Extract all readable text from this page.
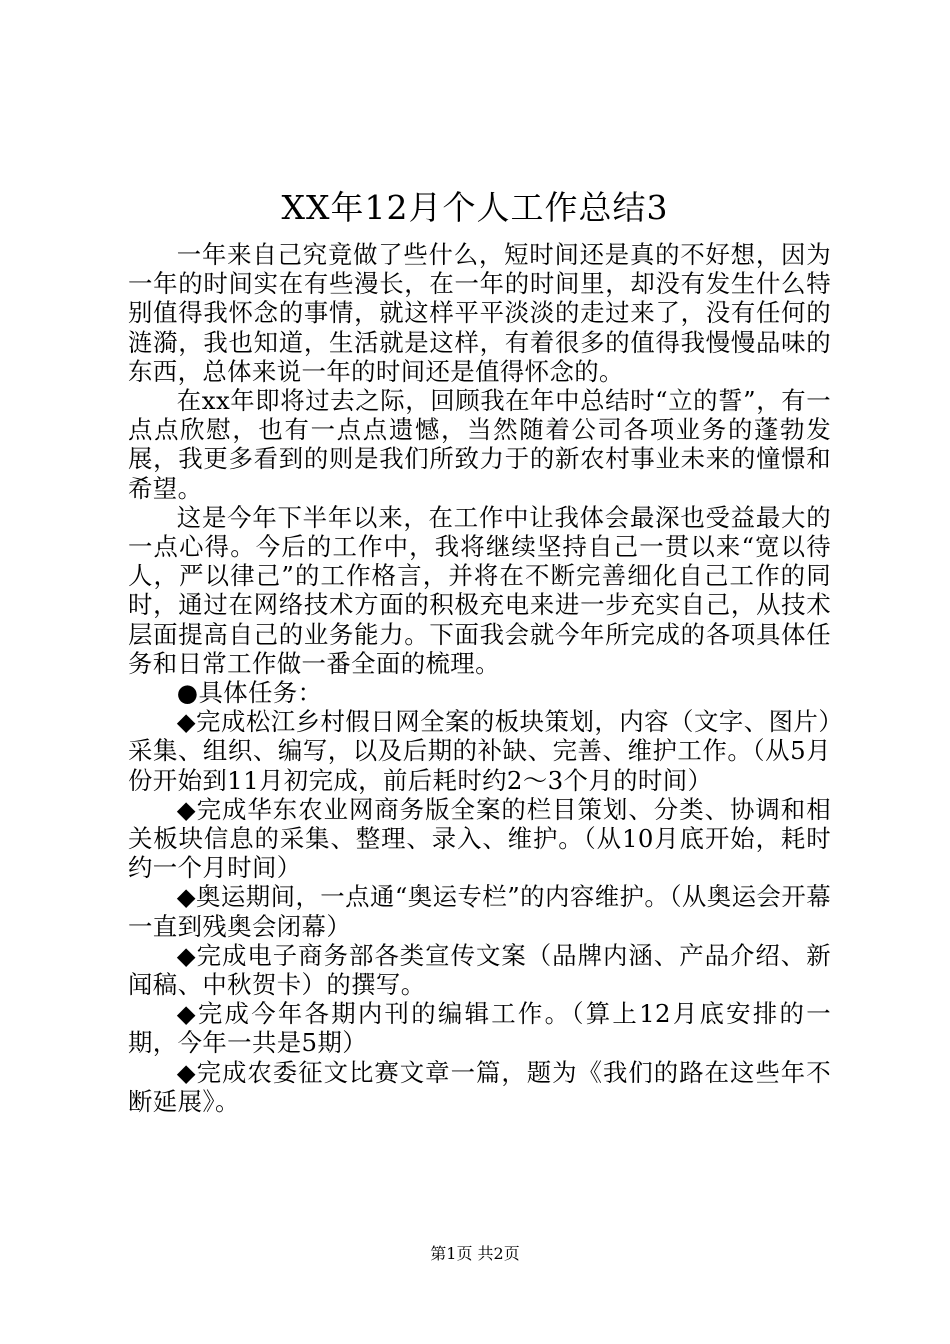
XX年12月个人工作总结3

一年来自己究竟做了些什么，短时间还是真的不好想，因为一年的时间实在有些漫长，在一年的时间里，却没有发生什么特别值得我怀念的事情，就这样平平淡淡的走过来了，没有任何的涟漪，我也知道，生活就是这样，有着很多的值得我慢慢品味的东西，总体来说一年的时间还是值得怀念的。

在xx年即将过去之际，回顾我在年中总结时“立的誓”，有一点点欣慰，也有一点点遗憾，当然随着公司各项业务的蓬勃发展，我更多看到的则是我们所致力于的新农村事业未来的憧憬和希望。

这是今年下半年以来，在工作中让我体会最深也受益最大的一点心得。今后的工作中，我将继续坚持自己一贯以来“宽以待人，严以律己”的工作格言，并将在不断完善细化自己工作的同时，通过在网络技术方面的积极充电来进一步充实自己，从技术层面提高自己的业务能力。下面我会就今年所完成的各项具体任务和日常工作做一番全面的梳理。

●具体任务：

◆完成松江乡村假日网全案的板块策划，内容（文字、图片）采集、组织、编写，以及后期的补缺、完善、维护工作。（从5月份开始到11月初完成，前后耗时约2～3个月的时间）

◆完成华东农业网商务版全案的栏目策划、分类、协调和相关板块信息的采集、整理、录入、维护。（从10月底开始，耗时约一个月时间）

◆奥运期间，一点通“奥运专栏”的内容维护。（从奥运会开幕一直到残奥会闭幕）

◆完成电子商务部各类宣传文案（品牌内涵、产品介绍、新闻稿、中秋贺卡）的撰写。

◆完成今年各期内刊的编辑工作。（算上12月底安排的一期，今年一共是5期）

◆完成农委征文比赛文章一篇，题为《我们的路在这些年不断延展》。

第1页 共2页
